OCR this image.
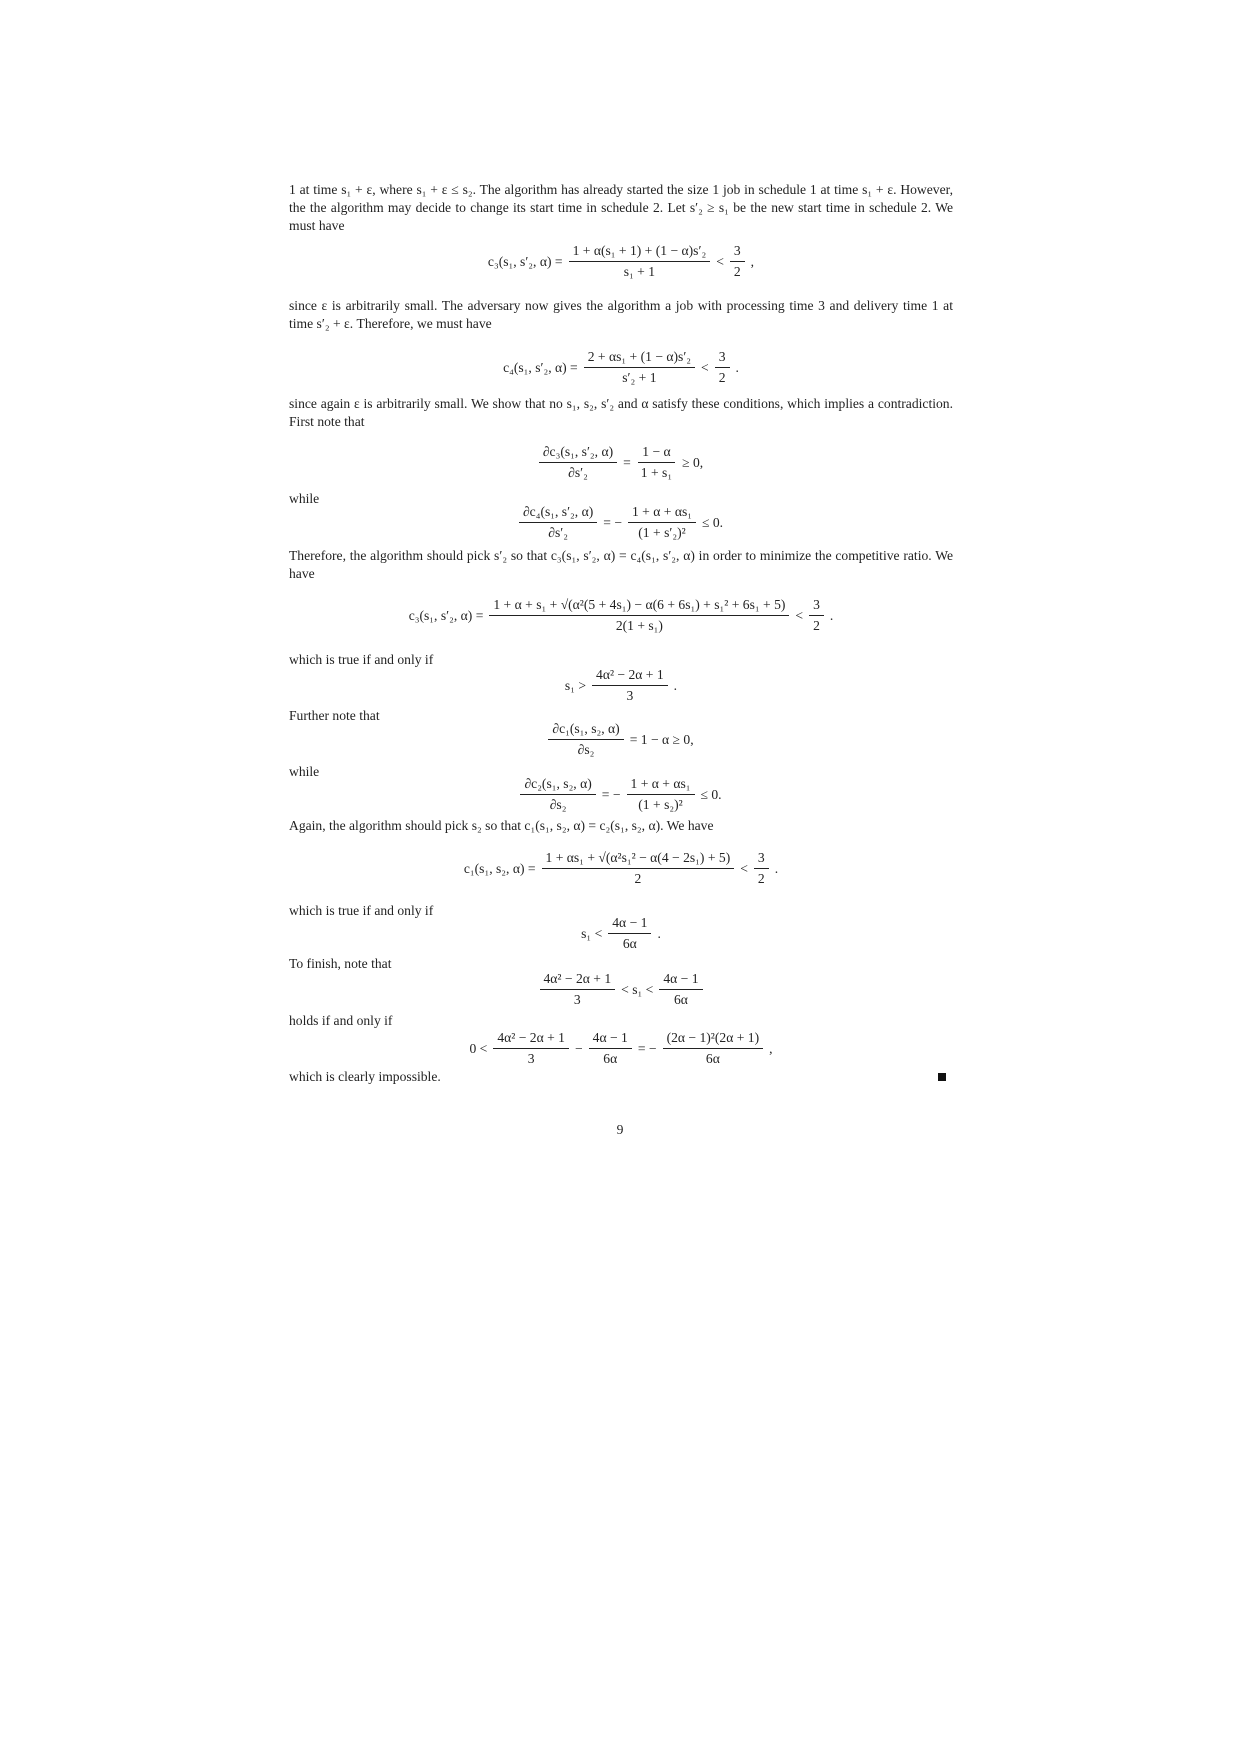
1 at time s₁ + ε, where s₁ + ε ≤ s₂. The algorithm has already started the size 1 job in schedule 1 at time s₁ + ε. However, the the algorithm may decide to change its start time in schedule 2. Let s′₂ ≥ s₁ be the new start time in schedule 2. We must have

c₃(s₁, s′₂, $\alpha) = \frac{\text{1 + α(s₁ + 1) + (1 − α)s′₂}}{\text{s₁ + 1}} < \frac{3}{2}$ ,

since ε is arbitrarily small. The adversary now gives the algorithm a job with processing time 3 and delivery time 1 at time s′₂ + ε. Therefore, we must have

c₄(s₁, s′₂, $\alpha) = \frac{\text{2 + αs₁ + (1 − α)s′₂}}{\text{s′₂ + 1}} < \frac{3}{2}$ .

since again ε is arbitrarily small. We show that no s₁, s₂, s′₂ and α satisfy these conditions, which implies a contradiction. First note that

$\frac{\text{∂c₃(s₁, s′₂, α)}}{\text{∂s′₂}} = \frac{1 - \alpha}{\text{1 + s₁}} \ge 0$,

while

$\frac{\text{∂c₄(s₁, s′₂, α)}}{\text{∂s′₂}}$ = − $\frac{\text{1 + α + αs₁}}{\text{(1 + s′₂)²}} \le 0$.

Therefore, the algorithm should pick s′₂ so that c₃(s₁, s′₂, α) = c₄(s₁, s′₂, α) in order to minimize the competitive ratio. We have

c₃(s₁, s′₂, $\alpha) = \frac{\text{1 + α + s₁ + √(α²(5 + 4s₁) − α(6 + 6s₁) + s₁² + 6s₁ + 5)}}{\text{2(1 + s₁)}} < \frac{3}{2}$ .

which is true if and only if

$s_1 > \frac{\text{4α² − 2α + 1}}{3}$ .

Further note that

$\frac{\text{∂c₁(s₁, s₂, α)}}{\text{∂s₂}} = 1 - \alpha \ge 0$,

while

$\frac{\text{∂c₂(s₁, s₂, α)}}{\text{∂s₂}}$ = − $\frac{\text{1 + α + αs₁}}{\text{(1 + s₂)²}} \le 0$.

Again, the algorithm should pick s₂ so that c₁(s₁, s₂, α) = c₂(s₁, s₂, α). We have

c₁(s₁, s₂, $\alpha) = \frac{\text{1 + αs₁ + √(α²s₁² − α(4 − 2s₁) + 5)}}{2} < \frac{3}{2}$ .

which is true if and only if

$s_1 < \frac{4\alpha - 1}{6\alpha}$ .

To finish, note that

$\frac{\text{4α² − 2α + 1}}{3} < s_1 < \frac{4\alpha - 1}{6\alpha}$

holds if and only if

$0 < \frac{\text{4α² − 2α + 1}}{3} - \frac{4\alpha - 1}{6\alpha}$ = − $\frac{\text{(2α − 1)²(2α + 1)}}{6\alpha}$ ,

which is clearly impossible.

9
